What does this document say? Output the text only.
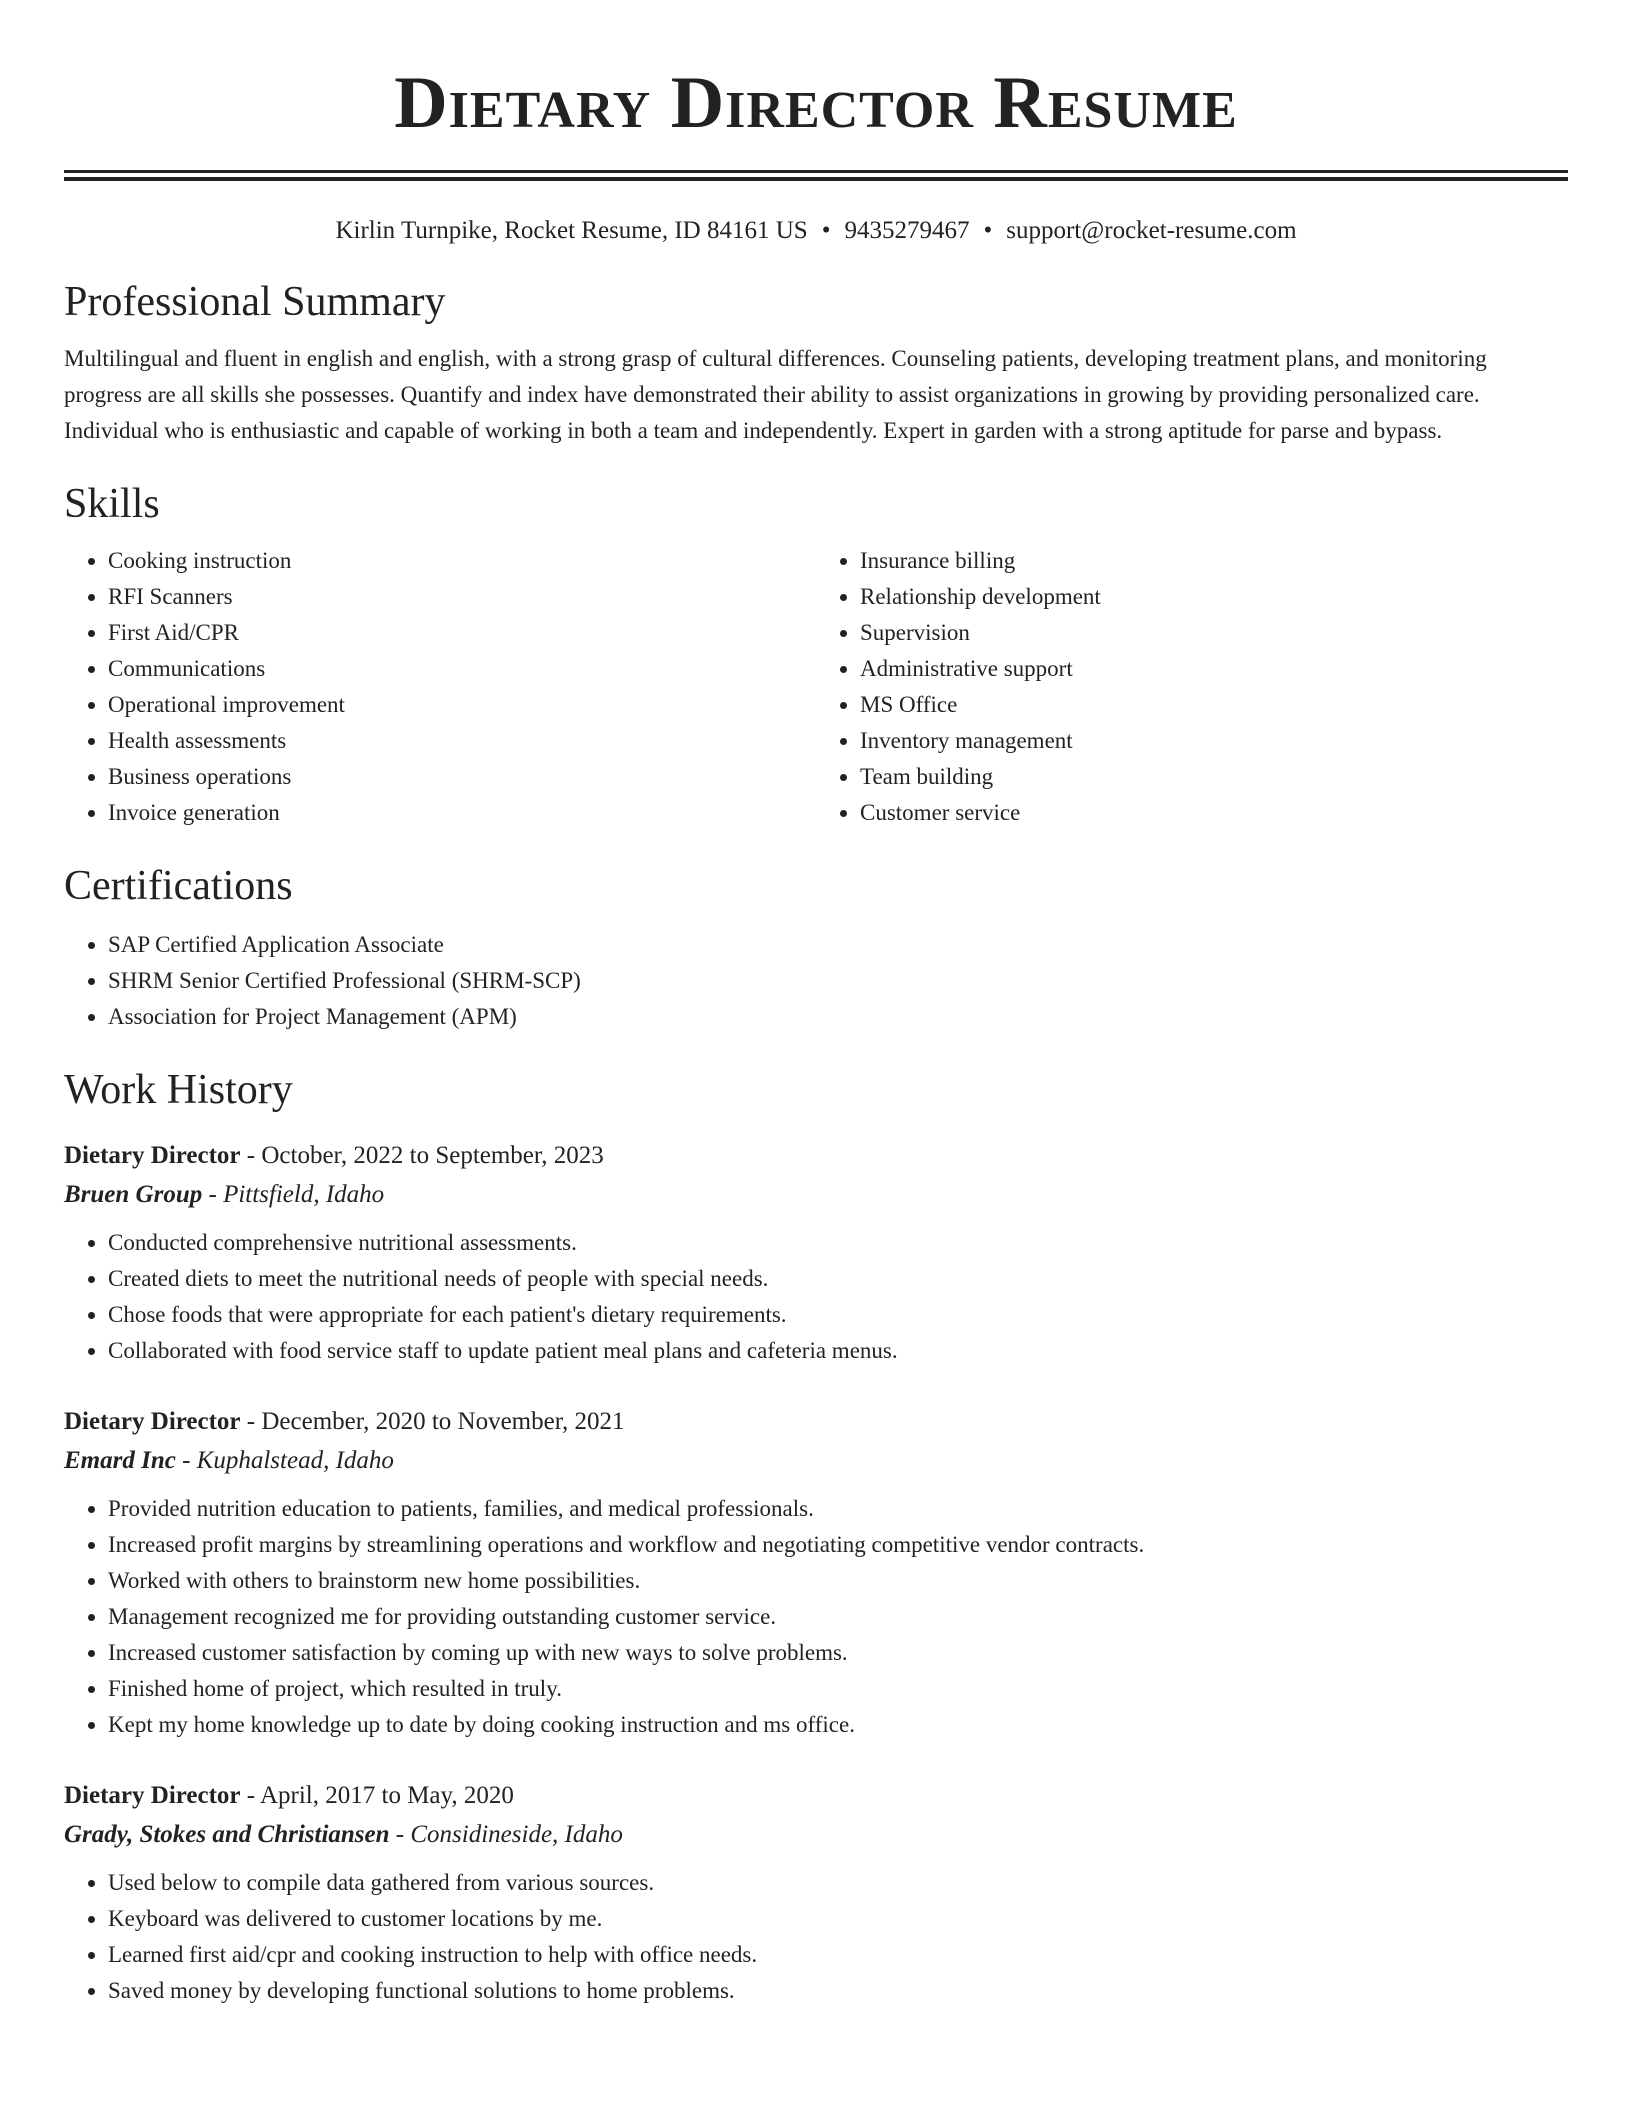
Dietary Director Resume
Kirlin Turnpike, Rocket Resume, ID 84161 US • 9435279467 • support@rocket-resume.com
Professional Summary

Multilingual and fluent in english and english, with a strong grasp of cultural differences. Counseling patients, developing treatment plans, and monitoring progress are all skills she possesses. Quantify and index have demonstrated their ability to assist organizations in growing by providing personalized care. Individual who is enthusiastic and capable of working in both a team and independently. Expert in garden with a strong aptitude for parse and bypass.

Skills
• Cooking instruction
• RFI Scanners
• First Aid/CPR
• Communications
• Operational improvement
• Health assessments
• Business operations
• Invoice generation
• Insurance billing
• Relationship development
• Supervision
• Administrative support
• MS Office
• Inventory management
• Team building
• Customer service
Certifications
• SAP Certified Application Associate
• SHRM Senior Certified Professional (SHRM-SCP)
• Association for Project Management (APM)
Work History
Dietary Director - October, 2022 to September, 2023
Bruen Group - Pittsfield, Idaho
• Conducted comprehensive nutritional assessments.
• Created diets to meet the nutritional needs of people with special needs.
• Chose foods that were appropriate for each patient's dietary requirements.
• Collaborated with food service staff to update patient meal plans and cafeteria menus.
Dietary Director - December, 2020 to November, 2021
Emard Inc - Kuphalstead, Idaho
• Provided nutrition education to patients, families, and medical professionals.
• Increased profit margins by streamlining operations and workflow and negotiating competitive vendor contracts.
• Worked with others to brainstorm new home possibilities.
• Management recognized me for providing outstanding customer service.
• Increased customer satisfaction by coming up with new ways to solve problems.
• Finished home of project, which resulted in truly.
• Kept my home knowledge up to date by doing cooking instruction and ms office.
Dietary Director - April, 2017 to May, 2020
Grady, Stokes and Christiansen - Considineside, Idaho
• Used below to compile data gathered from various sources.
• Keyboard was delivered to customer locations by me.
• Learned first aid/cpr and cooking instruction to help with office needs.
• Saved money by developing functional solutions to home problems.
